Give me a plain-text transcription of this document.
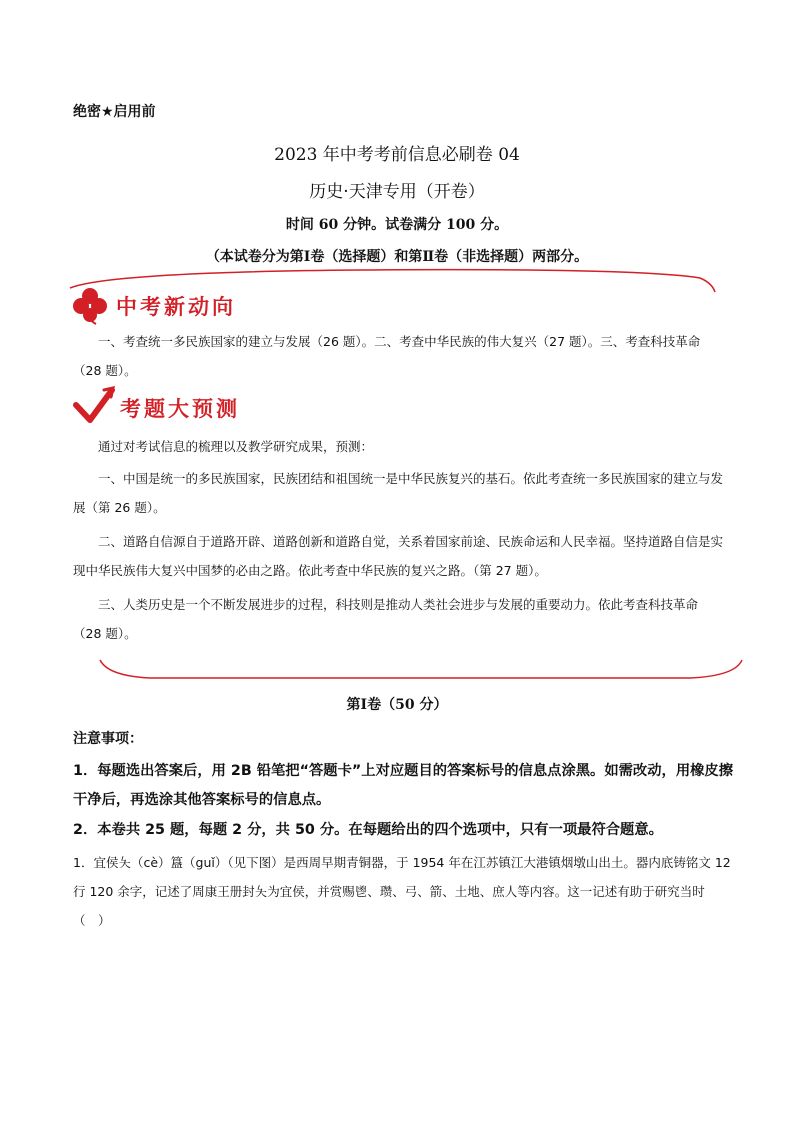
绝密★启用前
2023 年中考考前信息必刷卷 04
历史·天津专用（开卷）
时间 60 分钟。试卷满分 100 分。
（本试卷分为第Ⅰ卷（选择题）和第Ⅱ卷（非选择题）两部分。
中考新动向
一、考查统一多民族国家的建立与发展（26 题）。二、考查中华民族的伟大复兴（27 题）。三、考查科技革命（28 题）。
考题大预测
通过对考试信息的梳理以及教学研究成果，预测：
一、中国是统一的多民族国家，民族团结和祖国统一是中华民族复兴的基石。依此考查统一多民族国家的建立与发展（第 26 题）。
二、道路自信源自于道路开辟、道路创新和道路自觉，关系着国家前途、民族命运和人民幸福。坚持道路自信是实现中华民族伟大复兴中国梦的必由之路。依此考查中华民族的复兴之路。（第 27 题）。
三、人类历史是一个不断发展进步的过程，科技则是推动人类社会进步与发展的重要动力。依此考查科技革命（28 题）。
第Ⅰ卷（50 分）
注意事项：
1．每题选出答案后，用 2B 铅笔把“答题卡”上对应题目的答案标号的信息点涂黑。如需改动，用橡皮擦干净后，再选涂其他答案标号的信息点。
2．本卷共 25 题，每题 2 分，共 50 分。在每题给出的四个选项中，只有一项最符合题意。
1．宜侯夨（cè）簋（guǐ）（见下图）是西周早期青铜器，于 1954 年在江苏镇江大港镇烟墩山出土。器内底铸铭文 12 行 120 余字，记述了周康王册封夨为宜侯，并赏赐鬯、瓒、弓、箭、土地、庶人等内容。这一记述有助于研究当时（　）
